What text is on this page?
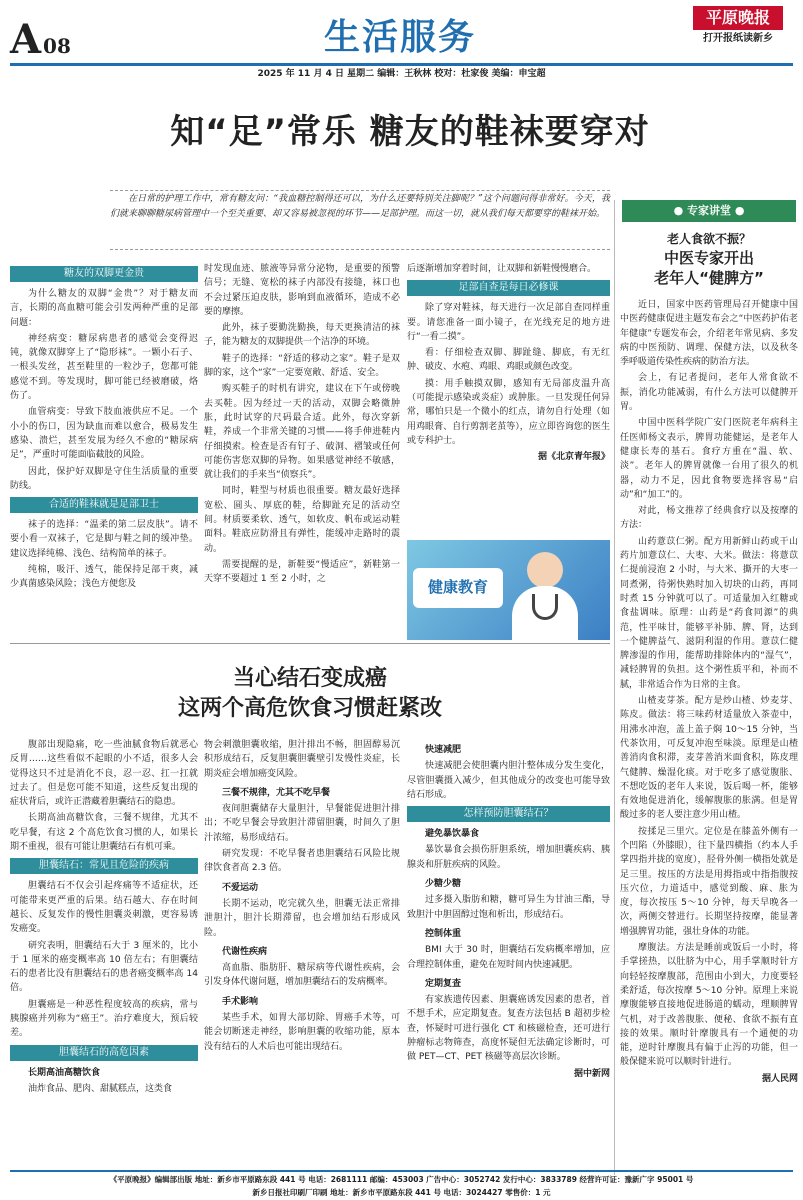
A 08	生活服务	平原晚报
打开报纸读新乡
2025 年 11 月 4 日 星期二 编辑：王秋林 校对：杜家俊 美编：申宝超
知“足”常乐 糖友的鞋袜要穿对

在日常的护理工作中，常有糖友问：“我血糖控制得还可以，为什么还要特别关注脚呢？”这个问题问得非常好。今天，我们就来聊聊糖尿病管理中一个至关重要、却又容易被忽视的环节——足部护理。而这一切，就从我们每天都要穿的鞋袜开始。	● 专家讲堂 ●
老人食欲不振？
中医专家开出
老年人“健脾方”

近日，国家中医药管理局召开健康中国中医药健康促进主题发布会之“中医药护佑老年健康”专题发布会，介绍老年常见病、多发病的中医预防、调理、保健方法，以及秋冬季呼吸道传染性疾病的防治方法。

会上，有记者提问，老年人常食欲不振，消化功能减弱，有什么方法可以健脾开胃。

中国中医科学院广安门医院老年病科主任医师杨文表示，脾胃功能健运，是老年人健康长寿的基石。食疗方重在“温、软、淡”。老年人的脾胃就像一台用了很久的机器，动力不足，因此食物要选择容易“启动”和“加工”的。

对此，杨文推荐了经典食疗以及按摩的方法：

山药薏苡仁粥。配方用新鲜山药或干山药片加薏苡仁、大枣、大米。做法：将薏苡仁提前浸泡 2 小时，与大米、撕开的大枣一同煮粥，待粥快熟时加入切块的山药，再同时煮 15 分钟就可以了。可适量加入红糖或食盐调味。原理：山药是“药食同源”的典范，性平味甘，能够平补肺、脾、肾，达到一个健脾益气、滋阴利湿的作用。薏苡仁健脾渗湿的作用，能帮助排除体内的“湿气”，减轻脾胃的负担。这个粥性质平和，补而不腻，非常适合作为日常的主食。

山楂麦芽茶。配方是炒山楂、炒麦芽、陈皮。做法：将三味药材适量放入茶壶中，用沸水冲泡，盖上盖子焖 10～15 分钟，当代茶饮用，可反复冲泡至味淡。原理是山楂善消肉食积滞，麦芽善消米面食积，陈皮理气健脾、燥湿化痰。对于吃多了感觉腹胀、不想吃饭的老年人来说，饭后喝一杯，能够有效地促进消化，缓解腹胀的胀满。但是胃酸过多的老人要注意少用山楂。

按揉足三里穴。定位是在膝盖外侧有一个凹陷（外膝眼），往下量四横指（约本人手掌四指并拢的宽度），胫骨外侧一横指处就是足三里。按压的方法是用拇指或中指指腹按压穴位，力道适中，感觉到酸、麻、胀为度，每次按压 5～10 分钟，每天早晚各一次，两侧交替进行。长期坚持按摩，能显著增强脾胃功能，强壮身体的功能。

摩腹法。方法是睡前或饭后一小时，将手掌搓热，以肚脐为中心，用手掌顺时针方向轻轻按摩腹部，范围由小到大，力度要轻柔舒适，每次按摩 5～10 分钟。原理上来说摩腹能够直接地促进肠道的蠕动，理顺脾胃气机，对于改善腹胀、便秘、食欲不振有直接的效果。顺时针摩腹具有一个通便的功能，逆时针摩腹具有偏于止泻的功能，但一般保健来说可以顺时针进行。

据人民网
糖友的双脚更金贵

为什么糖友的双脚“金贵”？对于糖友而言，长期的高血糖可能会引发两种严重的足部问题：

神经病变：糖尿病患者的感觉会变得迟钝，就像双脚穿上了“隐形袜”。一颗小石子、一根头发丝，甚至鞋里的一粒沙子，您都可能感觉不到。等发现时，脚可能已经被磨破，烙伤了。

血管病变：导致下肢血液供应不足。一个小小的伤口，因为缺血而难以愈合，极易发生感染、溃烂，甚至发展为经久不愈的“糖尿病足”，严重时可能面临截肢的风险。

因此，保护好双脚是守住生活质量的重要防线。

合适的鞋袜就是足部卫士

袜子的选择：“温柔的第二层皮肤”。请不要小看一双袜子，它是脚与鞋之间的缓冲垫。建议选择纯棉、浅色、结构简单的袜子。

纯棉，吸汗、透气，能保持足部干爽，减少真菌感染风险；浅色方便您及

时发现血迹、脓液等异常分泌物，是重要的预警信号；无缝、宽松的袜子内部没有接缝，袜口也不会过紧压迫皮肤，影响到血液循环，造成不必要的摩擦。

此外，袜子要勤洗勤换，每天更换清洁的袜子，能为糖友的双脚提供一个洁净的环境。

鞋子的选择：“舒适的移动之家”。鞋子是双脚的家，这个“家”一定要宽敞、舒适、安全。

购买鞋子的时机有讲究，建议在下午或傍晚去买鞋。因为经过一天的活动，双脚会略微肿胀，此时试穿的尺码最合适。此外，每次穿新鞋，养成一个非常关键的习惯——将手伸进鞋内仔细摸索。检查是否有钉子、破洞、褶皱或任何可能伤害您双脚的异物。如果感觉神经不敏感，就让我们的手来当“侦察兵”。

同时，鞋型与材质也很重要。糖友最好选择宽松、圆头、厚底的鞋，给脚趾充足的活动空间。材质要柔软、透气，如软皮、帆布或运动鞋面料。鞋底应防滑且有弹性，能缓冲走路时的震动。

需要提醒的是，新鞋要“慢适应”，新鞋第一天穿不要超过 1 至 2 小时，之

后逐渐增加穿着时间，让双脚和新鞋慢慢磨合。

足部自查是每日必修课

除了穿对鞋袜，每天进行一次足部自查同样重要。请您准备一面小镜子，在光线充足的地方进行“一看二摸”。

看：仔细检查双脚、脚趾缝、脚底，有无红肿、破皮、水疱、鸡眼、鸡眼或颜色改变。

摸：用手触摸双脚，感知有无局部皮温升高（可能提示感染或炎症）或肿胀。一旦发现任何异常，哪怕只是一个微小的红点，请勿自行处理（如用鸡眼膏、自行剪割老茧等），应立即咨询您的医生或专科护士。

据《北京青年报》
健康教育
当心结石变成癌
这两个高危饮食习惯赶紧改

腹部出现隐痛，吃一些油腻食物后就恶心反胃……这些看似不起眼的小不适，很多人会觉得这只不过是消化不良，忍一忍、扛一扛就过去了。但是您可能不知道，这些反复出现的症状背后，或许正潜藏着胆囊结石的隐患。

长期高油高糖饮食，三餐不规律，尤其不吃早餐，有这 2 个高危饮食习惯的人，如果长期不重视，很有可能让胆囊结石有机可乘。

胆囊结石：常见且危险的疾病

胆囊结石不仅会引起疼痛等不适症状，还可能带来更严重的后果。结石越大、存在时间越长、反复发作的慢性胆囊炎刺激，更容易诱发癌变。

研究表明，胆囊结石大于 3 厘米的，比小于 1 厘米的癌变概率高 10 倍左右；有胆囊结石的患者比没有胆囊结石的患者癌变概率高 14 倍。

胆囊癌是一种恶性程度较高的疾病，常与胰腺癌并列称为“癌王”。治疗难度大，预后较差。

胆囊结石的高危因素

长期高油高糖饮食

油炸食品、肥肉、甜腻糕点，这类食

物会刺激胆囊收缩，胆汁排出不畅，胆固醇易沉积形成结石，反复胆囊胆囊壁引发慢性炎症，长期炎症会增加癌变风险。

三餐不规律，尤其不吃早餐

夜间胆囊储存大量胆汁，早餐能促进胆汁排出；不吃早餐会导致胆汁滞留胆囊，时间久了胆汁浓缩，易形成结石。

研究发现：不吃早餐者患胆囊结石风险比规律饮食者高 2.3 倍。

不爱运动

长期不运动，吃完就久坐，胆囊无法正常排泄胆汁，胆汁长期滞留，也会增加结石形成风险。

代谢性疾病

高血脂、脂肪肝、糖尿病等代谢性疾病，会引发身体代谢问题，增加胆囊结石的发病概率。

手术影响

某些手术，如胃大部切除、胃癌手术等，可能会切断迷走神经，影响胆囊的收缩功能，原本没有结石的人术后也可能出现结石。

快速减肥

快速减肥会使胆囊内胆汁整体成分发生变化，尽管胆囊摄入减少，但其他成分的改变也可能导致结石形成。

怎样预防胆囊结石？

避免暴饮暴食

暴饮暴食会损伤肝胆系统，增加胆囊疾病、胰腺炎和肝脏疾病的风险。

少糖少糖

过多摄入脂肪和糖，糖可异生为甘油三酯，导致胆汁中胆固醇过饱和析出，形成结石。

控制体重

BMI 大于 30 时，胆囊结石发病概率增加，应合理控制体重，避免在短时间内快速减肥。

定期复查

有家族遗传因素、胆囊癌诱发因素的患者，首不想手术，应定期复查。复查方法包括 B 超初步检查，怀疑时可进行强化 CT 和核磁检查，还可进行肿瘤标志物筛查，高度怀疑但无法确定诊断时，可做 PET—CT、PET 核磁等高层次诊断。

据中新网
《平原晚报》编辑部出版 地址：新乡市平原路东段 441 号 电话：2681111 邮编：453003 广告中心：3052742 发行中心：3833789 经营许可证：豫新广字 95001 号
新乡日报社印刷厂印刷 地址：新乡市平原路东段 441 号 电话：3024427 零售价：1 元
